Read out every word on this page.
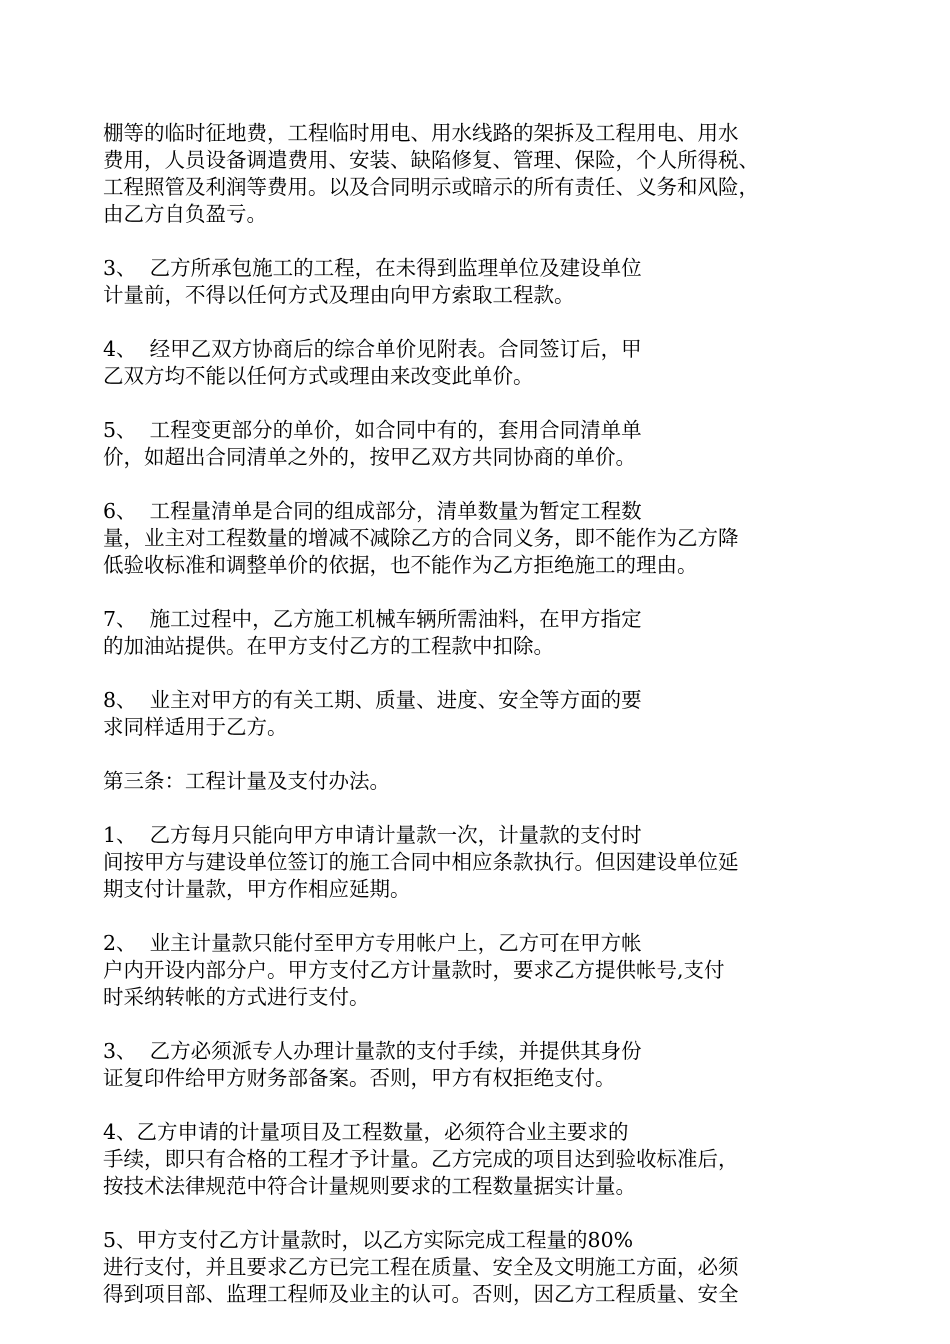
棚等的临时征地费，工程临时用电、用水线路的架拆及工程用电、用水
费用，人员设备调遣费用、安装、缺陷修复、管理、保险，个人所得税、
工程照管及利润等费用。以及合同明示或暗示的所有责任、义务和风险，
由乙方自负盈亏。

3、  乙方所承包施工的工程，在未得到监理单位及建设单位
计量前，不得以任何方式及理由向甲方索取工程款。

4、  经甲乙双方协商后的综合单价见附表。合同签订后，甲
乙双方均不能以任何方式或理由来改变此单价。

5、  工程变更部分的单价，如合同中有的，套用合同清单单
价，如超出合同清单之外的，按甲乙双方共同协商的单价。

6、  工程量清单是合同的组成部分，清单数量为暂定工程数
量，业主对工程数量的增减不减除乙方的合同义务，即不能作为乙方降
低验收标准和调整单价的依据，也不能作为乙方拒绝施工的理由。

7、  施工过程中，乙方施工机械车辆所需油料，在甲方指定
的加油站提供。在甲方支付乙方的工程款中扣除。

8、  业主对甲方的有关工期、质量、进度、安全等方面的要
求同样适用于乙方。

第三条：工程计量及支付办法。

1、  乙方每月只能向甲方申请计量款一次，计量款的支付时
间按甲方与建设单位签订的施工合同中相应条款执行。但因建设单位延
期支付计量款，甲方作相应延期。

2、  业主计量款只能付至甲方专用帐户上，乙方可在甲方帐
户内开设内部分户。甲方支付乙方计量款时，要求乙方提供帐号,支付
时采纳转帐的方式进行支付。

3、  乙方必须派专人办理计量款的支付手续，并提供其身份
证复印件给甲方财务部备案。否则，甲方有权拒绝支付。

4、乙方申请的计量项目及工程数量，必须符合业主要求的
手续，即只有合格的工程才予计量。乙方完成的项目达到验收标准后，
按技术法律规范中符合计量规则要求的工程数量据实计量。

5、甲方支付乙方计量款时，以乙方实际完成工程量的80%
进行支付，并且要求乙方已完工程在质量、安全及文明施工方面，必须
得到项目部、监理工程师及业主的认可。否则，因乙方工程质量、安全
